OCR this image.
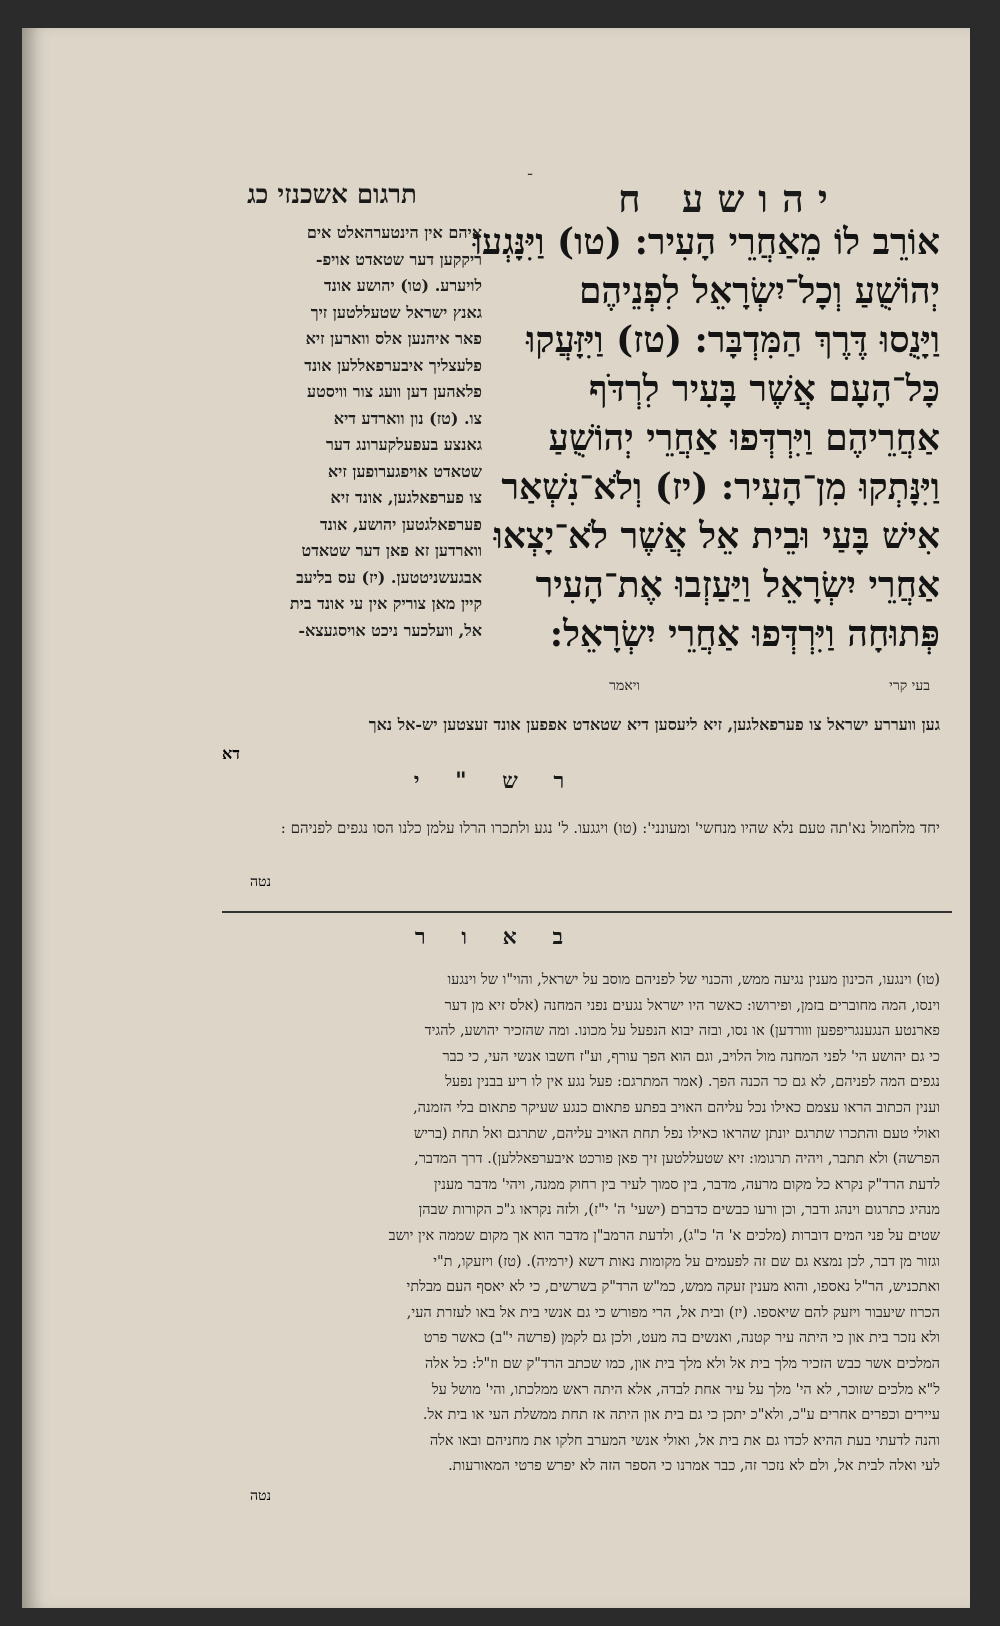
ـ
יהושע ח
תרגום אשכנזי כג
אוֹרֵב לוֹ מֵאַחֲרֵי הָעִיר: (טו) וַיִּנָּגְעוּ
יְהוֹשֻׁעַ וְכָל־יִשְׂרָאֵל לִפְנֵיהֶם
וַיָּנֻסוּ דֶּרֶךְ הַמִּדְבָּר: (טז) וַיִּזָּעֲקוּ
כָּל־הָעָם אֲשֶׁר בָּעִיר לִרְדֹּף
אַחֲרֵיהֶם וַיִּרְדְּפוּ אַחֲרֵי יְהוֹשֻׁעַ
וַיִּנָּתְקוּ מִן־הָעִיר: (יז) וְלֹא־נִשְׁאַר
אִישׁ בָּעַי וּבֵית אֵל אֲשֶׁר לֹא־יָצְאוּ
אַחֲרֵי יִשְׂרָאֵל וַיַּעַזְבוּ אֶת־הָעִיר
פְּתוּחָה וַיִּרְדְּפוּ אַחֲרֵי יִשְׂרָאֵל:
בעי קרי
ויאמר
איהם אין הינטערהאלט אים
ריקקען דער שטאדט אויפ-
לויערע. (טו) יהושע אונד
גאנץ ישראל שטעללטען זיך
פאר איהנען אלס ווארען זיא
פלעצליך איבערפאללען אונד
פלאהען דען וועג צור וויסטע
צו. (טז) נון ווארדע דיא
גאנצע בעפעלקערונג דער
שטאדט אויפגערופען זיא
צו פערפאלגען, אונד זיא
פערפאלגטען יהושע, אונד
ווארדען זא פאן דער שטאדט
אבגעשניטטען. (יז) עס בליעב
קיין מאן צוריק אין עי אונד בית
אל, וועלכער ניכט אויסגעצא-
גען וועררע ישראל צו פערפאלגען, זיא ליעסען דיא שטאדט אפפען אונד זעצטען יש-אל נאך
דא
ר ש " י
יחד מלחמול נא'תה טעם נלא שהיו מנחשי' ומעונני': (טו) ויגגעו. ל' נגע ולתכרו הרלו עלמן כלנו הסו נגפים לפניהם :
נטה
ב א ו ר
(טו) וינגעו, הכינון מענין נגיעה ממש, והכנוי של לפניהם מוסב על ישראל, והוי"ו של וינגעו
וינסו, המה מחוברים בזמן, ופירושו: כאשר היו ישראל נגעים נפני המחנה (אלס זיא מן דער
פארנטע הנגענגריפפען ווורדען) או נסו, ובזה יבוא הנפעל על מכונו. ומה שהזכיר יהושע, להגיד
כי גם יהושע הי' לפני המחנה מול הלויב, וגם הוא הפך עורף, וע"ז חשבו אנשי העי, כי כבר
נגפים המה לפניהם, לא גם כר הכנה הפך. (אמר המתרגם: פעל נגע אין לו ריע בבנין נפעל
וענין הכתוב הראו עצמם כאילו נכל עליהם האויב בפתע פתאום כנגע שעיקר פתאום בלי הזמנה,
ואולי טעם והתכרו שתרגם יונתן שהראו כאילו נפל תחת האויב עליהם, שתרגם ואל תחת (בריש
הפרשה) ולא תתבר, ויהיה תרגומו: זיא שטעללטען זיך פאן פורכט איבערפאללען). דרך המדבר,
לדעת הרד"ק נקרא כל מקום מרעה, מדבר, בין סמוך לעיר בין רחוק ממנה, ויהי' מדבר מענין
מנהיג כתרגום וינהג ודבר, וכן ורעו כבשים כדברם (ישעי' ה' י"ז), ולזה נקראו ג"כ הקורות שבהן
שטים על פני המים דוברות (מלכים א' ה' כ"ג), ולדעת הרמב"ן מדבר הוא אך מקום שממה אין יושב
וגזור מן דבר, לכן נמצא גם שם זה לפעמים על מקומות נאות דשא (ירמיה). (טז) ויזעקו, ת"י
ואתכניש, הר"ל נאספו, והוא מענין זעקה ממש, כמ"ש הרד"ק בשרשים, כי לא יאסף העם מבלתי
הכרוז שיעבור ויזעק להם שיאספו. (יז) ובית אל, הרי מפורש כי גם אנשי בית אל באו לעזרת העי,
ולא נזכר בית און כי היתה עיר קטנה, ואנשים בה מעט, ולכן גם לקמן (פרשה י"ב) כאשר פרט
המלכים אשר כבש הזכיר מלך בית אל ולא מלך בית און, כמו שכתב הרד"ק שם וז"ל: כל אלה
ל"א מלכים שזוכר, לא הי' מלך על עיר אחת לבדה, אלא היתה ראש ממלכתו, והי' מושל על
עיירים וכפרים אחרים ע"כ, ולא"כ יתכן כי גם בית און היתה אז תחת ממשלת העי או בית אל.
והנה לדעתי בעת ההיא לכדו גם את בית אל, ואולי אנשי המערב חלקו את מחניהם ובאו אלה
לעי ואלה לבית אל, ולם לא נזכר זה, כבר אמרנו כי הספר הזה לא יפרש פרטי המאורעות.
נטה
